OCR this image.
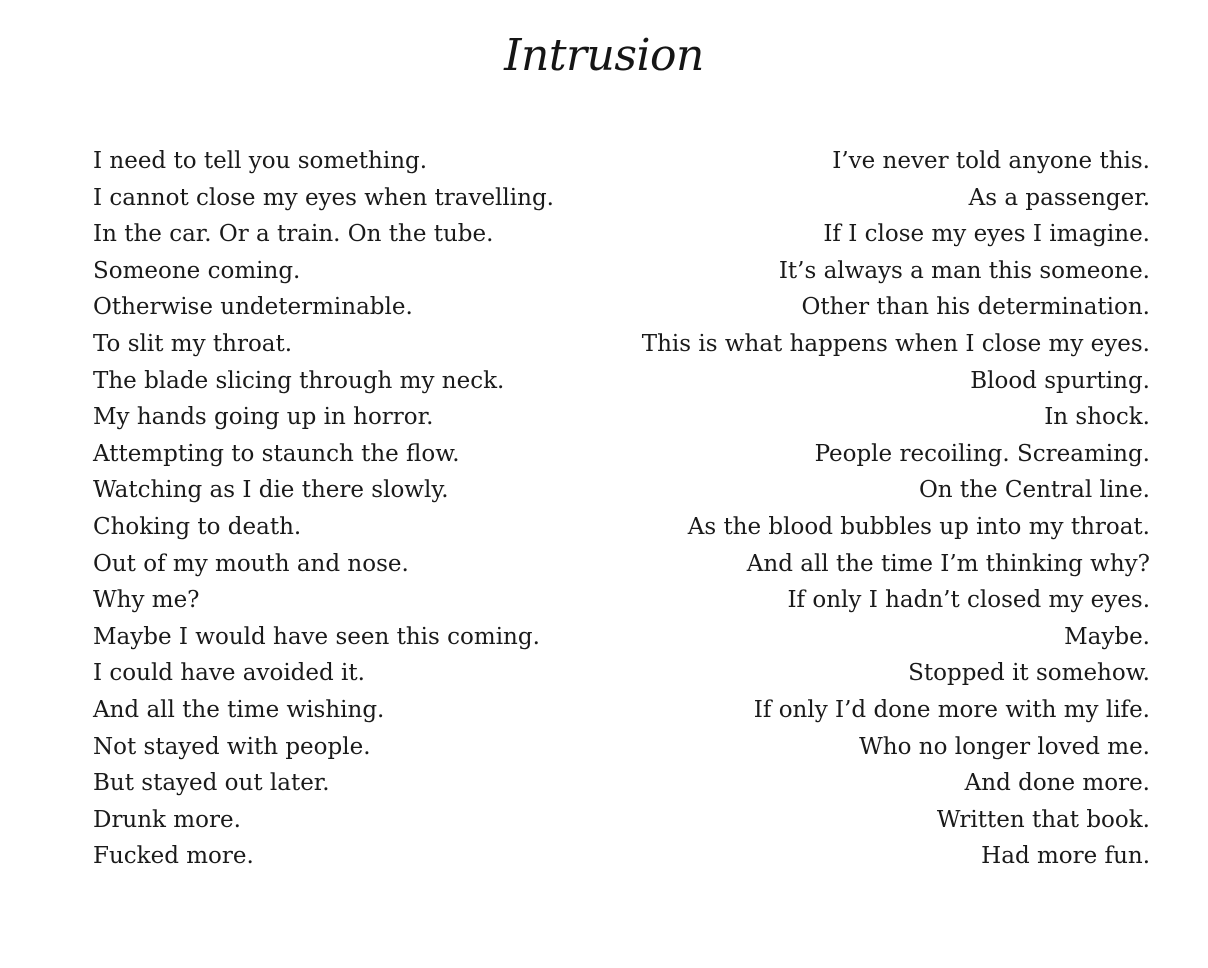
Intrusion
I need to tell you something.
I cannot close my eyes when travelling.
In the car. Or a train. On the tube.
Someone coming.
Otherwise undeterminable.
To slit my throat.
The blade slicing through my neck.
My hands going up in horror.
Attempting to staunch the flow.
Watching as I die there slowly.
Choking to death.
Out of my mouth and nose.
Why me?
Maybe I would have seen this coming.
I could have avoided it.
And all the time wishing.
Not stayed with people.
But stayed out later.
Drunk more.
Fucked more.
I’ve never told anyone this.
As a passenger.
If I close my eyes I imagine.
It’s always a man this someone.
Other than his determination.
This is what happens when I close my eyes.
Blood spurting.
In shock.
People recoiling. Screaming.
On the Central line.
As the blood bubbles up into my throat.
And all the time I’m thinking why?
If only I hadn’t closed my eyes.
Maybe.
Stopped it somehow.
If only I’d done more with my life.
Who no longer loved me.
And done more.
Written that book.
Had more fun.
